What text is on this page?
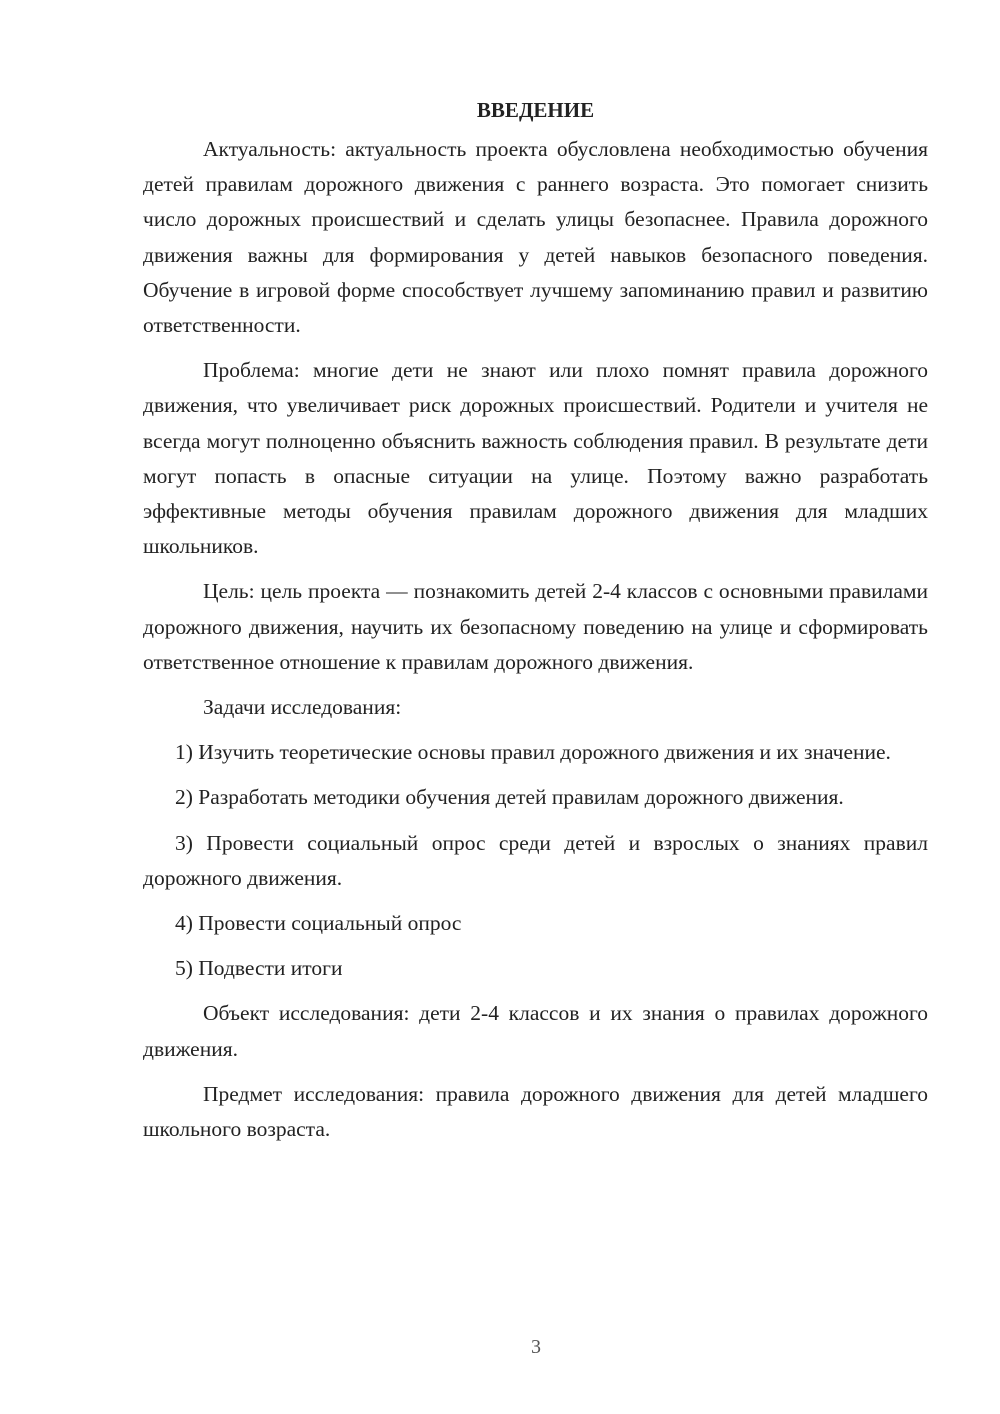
ВВЕДЕНИЕ

Актуальность: актуальность проекта обусловлена необходимостью обучения детей правилам дорожного движения с раннего возраста. Это помогает снизить число дорожных происшествий и сделать улицы безопаснее. Правила дорожного движения важны для формирования у детей навыков безопасного поведения. Обучение в игровой форме способствует лучшему запоминанию правил и развитию ответственности.

Проблема: многие дети не знают или плохо помнят правила дорожного движения, что увеличивает риск дорожных происшествий. Родители и учителя не всегда могут полноценно объяснить важность соблюдения правил. В результате дети могут попасть в опасные ситуации на улице. Поэтому важно разработать эффективные методы обучения правилам дорожного движения для младших школьников.

Цель: цель проекта — познакомить детей 2-4 классов с основными правилами дорожного движения, научить их безопасному поведению на улице и сформировать ответственное отношение к правилам дорожного движения.

Задачи исследования:

1) Изучить теоретические основы правил дорожного движения и их значение.

2) Разработать методики обучения детей правилам дорожного движения.

3) Провести социальный опрос среди детей и взрослых о знаниях правил дорожного движения.

4) Провести социальный опрос

5) Подвести итоги

Объект исследования: дети 2-4 классов и их знания о правилах дорожного движения.

Предмет исследования: правила дорожного движения для детей младшего школьного возраста.

3
